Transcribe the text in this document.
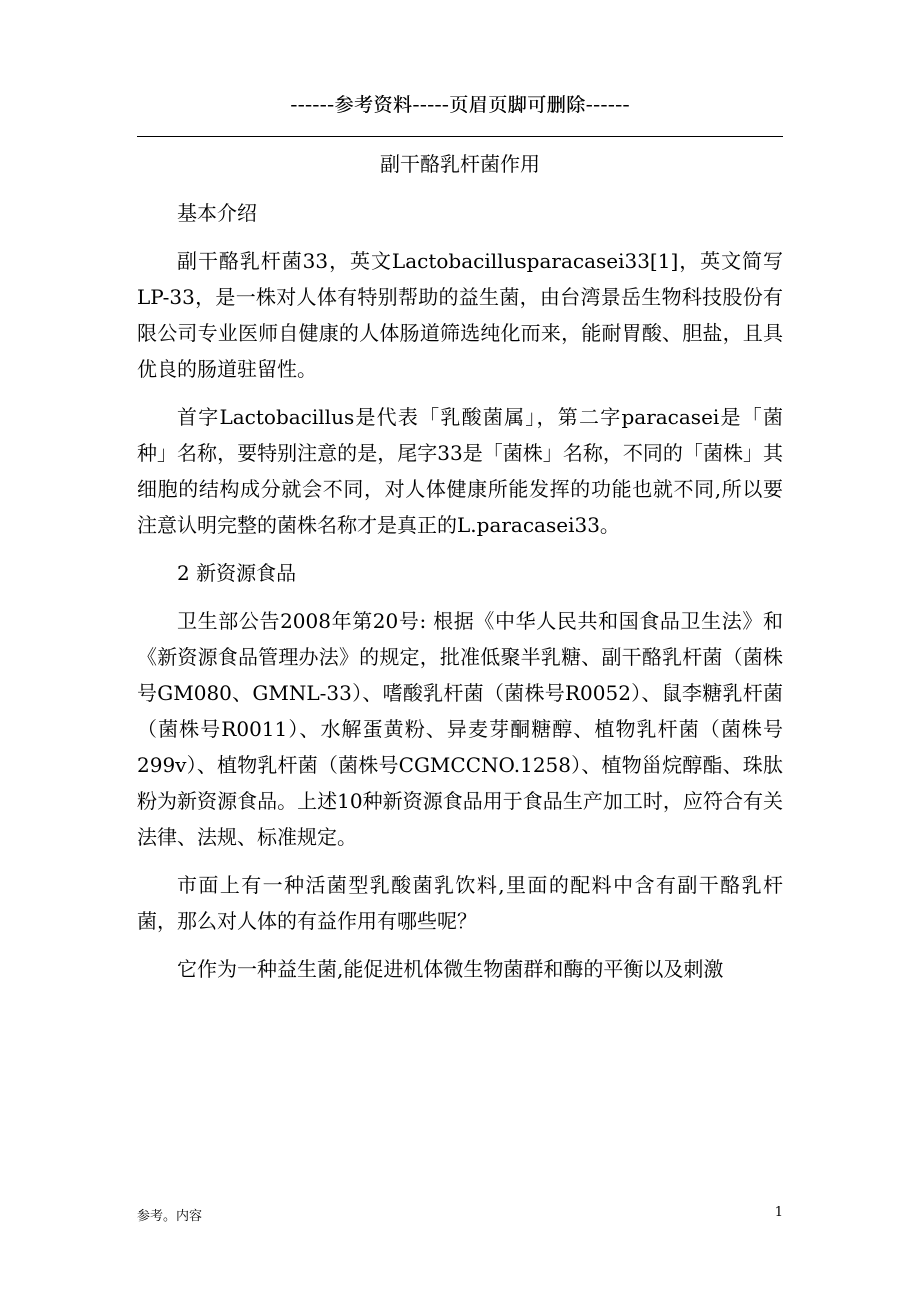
------参考资料-----页眉页脚可删除------
副干酪乳杆菌作用

基本介绍

副干酪乳杆菌33，英文Lactobacillusparacasei33[1]，英文简写LP-33，是一株对人体有特别帮助的益生菌，由台湾景岳生物科技股份有限公司专业医师自健康的人体肠道筛选纯化而来，能耐胃酸、胆盐，且具优良的肠道驻留性。

首字Lactobacillus是代表「乳酸菌属」，第二字paracasei是「菌种」名称，要特别注意的是，尾字33是「菌株」名称，不同的「菌株」其细胞的结构成分就会不同，对人体健康所能发挥的功能也就不同,所以要注意认明完整的菌株名称才是真正的L.paracasei33。

2 新资源食品

卫生部公告2008年第20号: 根据《中华人民共和国食品卫生法》和《新资源食品管理办法》的规定，批准低聚半乳糖、副干酪乳杆菌（菌株号GM080、GMNL-33）、嗜酸乳杆菌（菌株号R0052）、鼠李糖乳杆菌（菌株号R0011）、水解蛋黄粉、异麦芽酮糖醇、植物乳杆菌（菌株号299v）、植物乳杆菌（菌株号CGMCCNO.1258）、植物甾烷醇酯、珠肽粉为新资源食品。上述10种新资源食品用于食品生产加工时，应符合有关法律、法规、标准规定。

市面上有一种活菌型乳酸菌乳饮料,里面的配料中含有副干酪乳杆菌，那么对人体的有益作用有哪些呢？

它作为一种益生菌,能促进机体微生物菌群和酶的平衡以及刺激

参考。内容	1
